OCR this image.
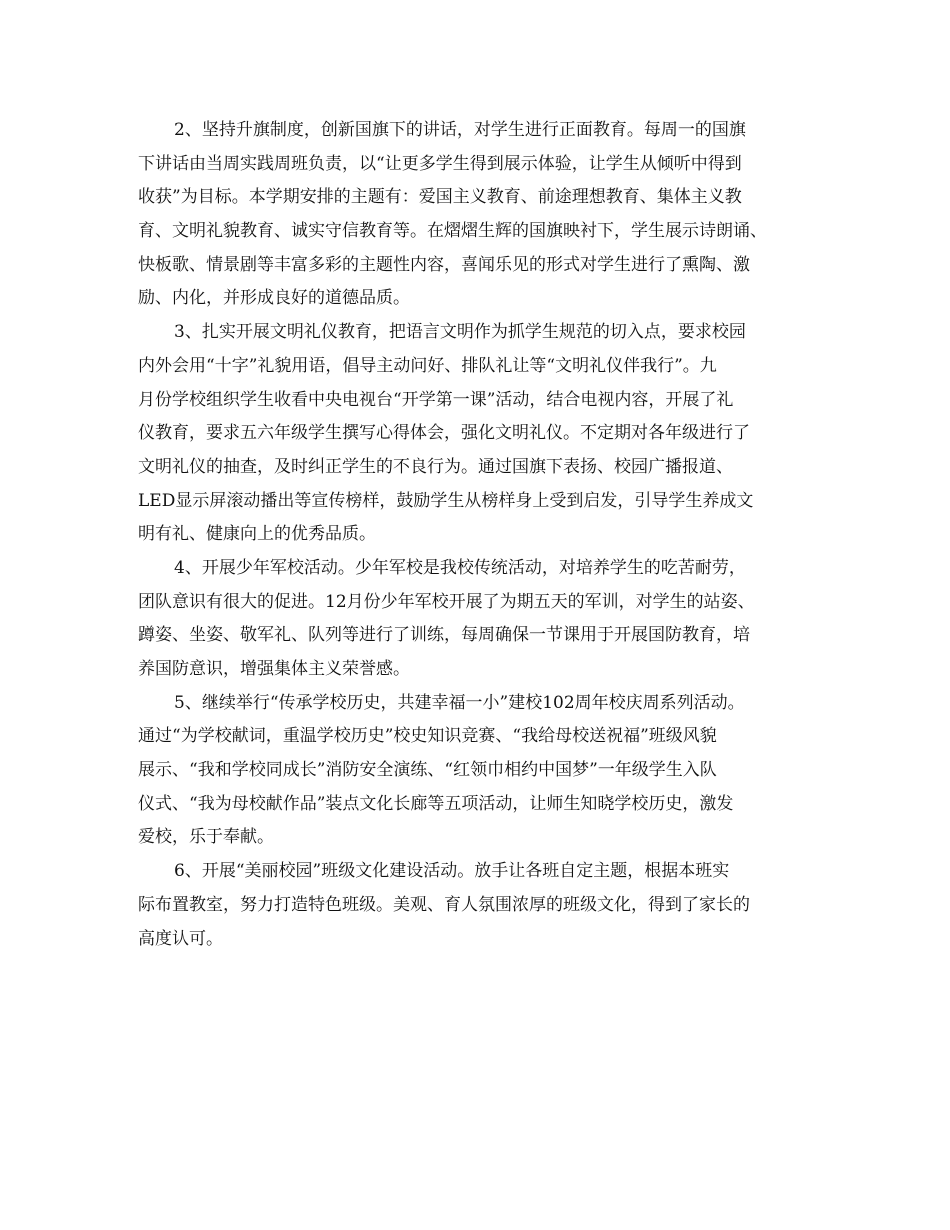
2、坚持升旗制度，创新国旗下的讲话，对学生进行正面教育。每周一的国旗
下讲话由当周实践周班负责，以“让更多学生得到展示体验，让学生从倾听中得到
收获”为目标。本学期安排的主题有：爱国主义教育、前途理想教育、集体主义教
育、文明礼貌教育、诚实守信教育等。在熠熠生辉的国旗映衬下，学生展示诗朗诵、
快板歌、情景剧等丰富多彩的主题性内容，喜闻乐见的形式对学生进行了熏陶、激
励、内化，并形成良好的道德品质。
3、扎实开展文明礼仪教育，把语言文明作为抓学生规范的切入点，要求校园
内外会用“十字”礼貌用语，倡导主动问好、排队礼让等“文明礼仪伴我行”。九
月份学校组织学生收看中央电视台“开学第一课”活动，结合电视内容，开展了礼
仪教育，要求五六年级学生撰写心得体会，强化文明礼仪。不定期对各年级进行了
文明礼仪的抽查，及时纠正学生的不良行为。通过国旗下表扬、校园广播报道、
LED显示屏滚动播出等宣传榜样，鼓励学生从榜样身上受到启发，引导学生养成文
明有礼、健康向上的优秀品质。
4、开展少年军校活动。少年军校是我校传统活动，对培养学生的吃苦耐劳，
团队意识有很大的促进。12月份少年军校开展了为期五天的军训，对学生的站姿、
蹲姿、坐姿、敬军礼、队列等进行了训练，每周确保一节课用于开展国防教育，培
养国防意识，增强集体主义荣誉感。
5、继续举行“传承学校历史，共建幸福一小”建校102周年校庆周系列活动。
通过“为学校献词，重温学校历史”校史知识竞赛、“我给母校送祝福”班级风貌
展示、“我和学校同成长”消防安全演练、“红领巾相约中国梦”一年级学生入队
仪式、“我为母校献作品”装点文化长廊等五项活动，让师生知晓学校历史，激发
爱校，乐于奉献。
6、开展“美丽校园”班级文化建设活动。放手让各班自定主题，根据本班实
际布置教室，努力打造特色班级。美观、育人氛围浓厚的班级文化，得到了家长的
高度认可。
